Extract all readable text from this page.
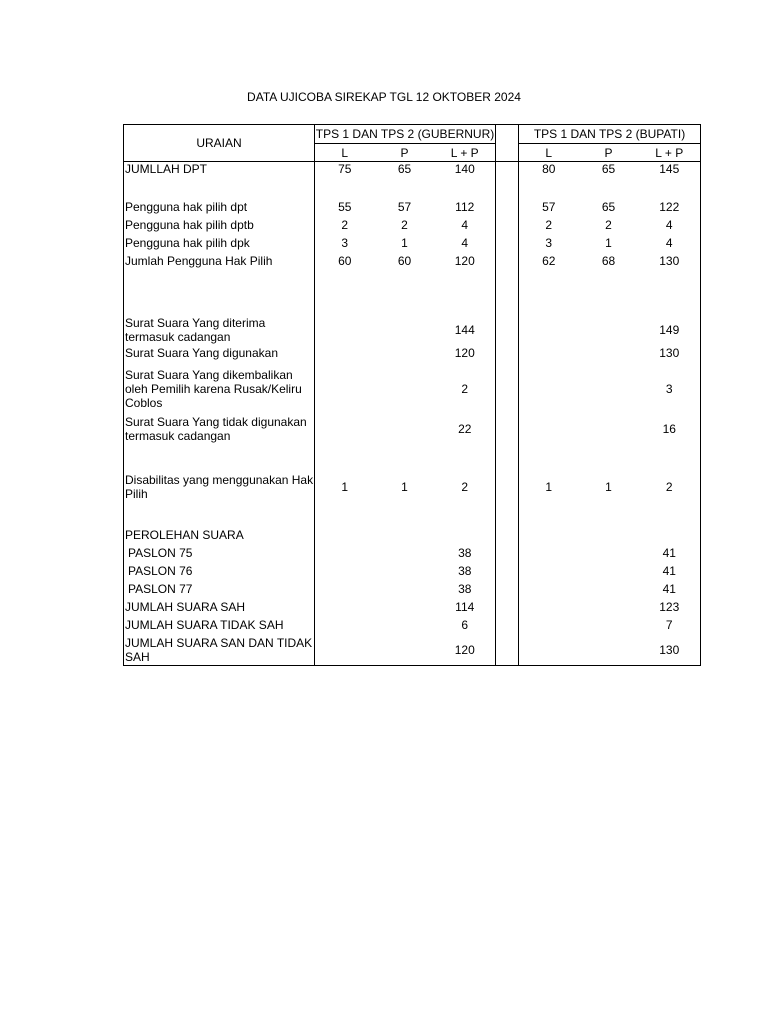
DATA UJICOBA SIREKAP TGL 12 OKTOBER 2024
URAIAN	TPS 1 DAN TPS 2 (GUBERNUR)				TPS 1 DAN TPS 2 (BUPATI)		
	L	P	L + P		L	P	L + P
JUMLLAH DPT	75	65	140		80	65	145

Pengguna hak pilih dpt	55	57	112		57	65	122
Pengguna hak pilih dptb	2	2	4		2	2	4
Pengguna hak pilih dpk	3	1	4		3	1	4
Jumlah Pengguna Hak Pilih	60	60	120		62	68	130

Surat Suara Yang diterima termasuk cadangan			144				149
Surat Suara Yang digunakan			120				130
Surat Suara Yang dikembalikan oleh Pemilih karena Rusak/Keliru Coblos			2				3
Surat Suara Yang tidak digunakan termasuk cadangan			22				16

Disabilitas yang menggunakan Hak Pilih	1	1	2		1	1	2

PEROLEHAN SUARA							
PASLON 75			38				41
PASLON 76			38				41
PASLON 77			38				41
JUMLAH SUARA SAH			114				123
JUMLAH SUARA TIDAK SAH			6				7
JUMLAH SUARA SAN DAN TIDAK SAH			120				130
